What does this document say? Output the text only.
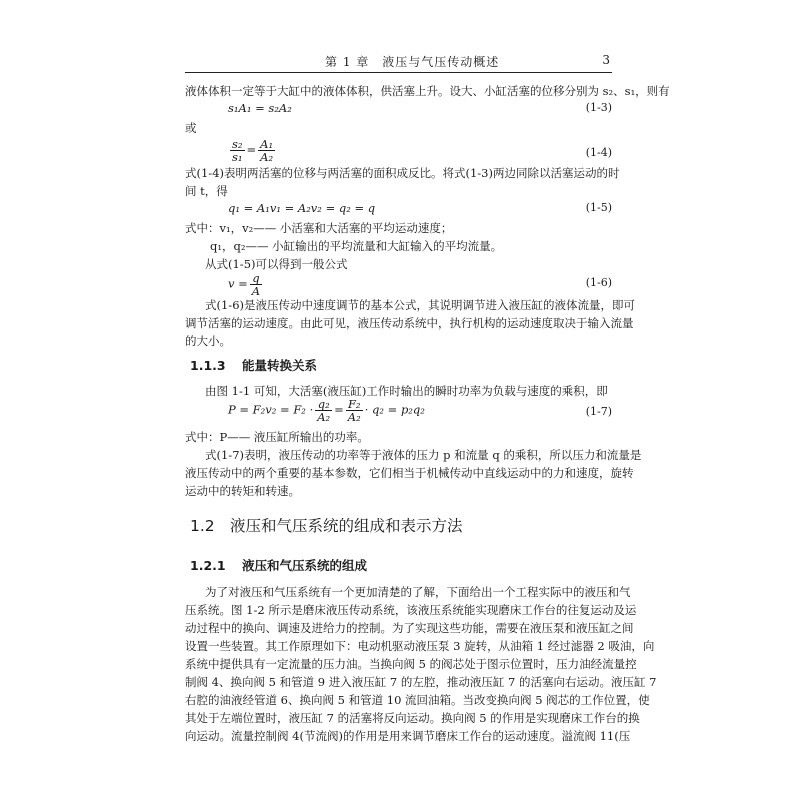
第 1 章　液压与气压传动概述	3
液体体积一定等于大缸中的液体体积，供活塞上升。设大、小缸活塞的位移分别为 s₂、s₁，则有
s₁A₁ = s₂A₂	(1-3)
或
$\frac{\text{s₂}}{\text{s₁}} = \frac{\text{A₁}}{\text{A₂}}$	(1-4)
式(1-4)表明两活塞的位移与两活塞的面积成反比。将式(1-3)两边同除以活塞运动的时
间 t，得
q₁ = A₁v₁ = A₂v₂ = q₂ = q	(1-5)
式中：v₁，v₂—— 小活塞和大活塞的平均运动速度；
q₁，q₂—— 小缸输出的平均流量和大缸输入的平均流量。
从式(1-5)可以得到一般公式
$v = \frac{q}{A}$	(1-6)
式(1-6)是液压传动中速度调节的基本公式，其说明调节进入液压缸的液体流量，即可
调节活塞的运动速度。由此可见，液压传动系统中，执行机构的运动速度取决于输入流量
的大小。
1.1.3 能量转换关系
由图 1-1 可知，大活塞(液压缸)工作时输出的瞬时功率为负载与速度的乘积，即
$P = F_2v_2 = F_2 \cdot \frac{\text{q₂}}{\text{A₂}} = \frac{\text{F₂}}{\text{A₂}} \cdot q_2 = p_2q_2$	(1-7)
式中：P—— 液压缸所输出的功率。
式(1-7)表明，液压传动的功率等于液体的压力 p 和流量 q 的乘积，所以压力和流量是
液压传动中的两个重要的基本参数，它们相当于机械传动中直线运动中的力和速度，旋转
运动中的转矩和转速。
1.2 液压和气压系统的组成和表示方法
1.2.1 液压和气压系统的组成
为了对液压和气压系统有一个更加清楚的了解，下面给出一个工程实际中的液压和气
压系统。图 1-2 所示是磨床液压传动系统，该液压系统能实现磨床工作台的往复运动及运
动过程中的换向、调速及进给力的控制。为了实现这些功能，需要在液压泵和液压缸之间
设置一些装置。其工作原理如下：电动机驱动液压泵 3 旋转，从油箱 1 经过滤器 2 吸油，向
系统中提供具有一定流量的压力油。当换向阀 5 的阀芯处于图示位置时，压力油经流量控
制阀 4、换向阀 5 和管道 9 进入液压缸 7 的左腔，推动液压缸 7 的活塞向右运动。液压缸 7
右腔的油液经管道 6、换向阀 5 和管道 10 流回油箱。当改变换向阀 5 阀芯的工作位置，使
其处于左端位置时，液压缸 7 的活塞将反向运动。换向阀 5 的作用是实现磨床工作台的换
向运动。流量控制阀 4(节流阀)的作用是用来调节磨床工作台的运动速度。溢流阀 11(压
